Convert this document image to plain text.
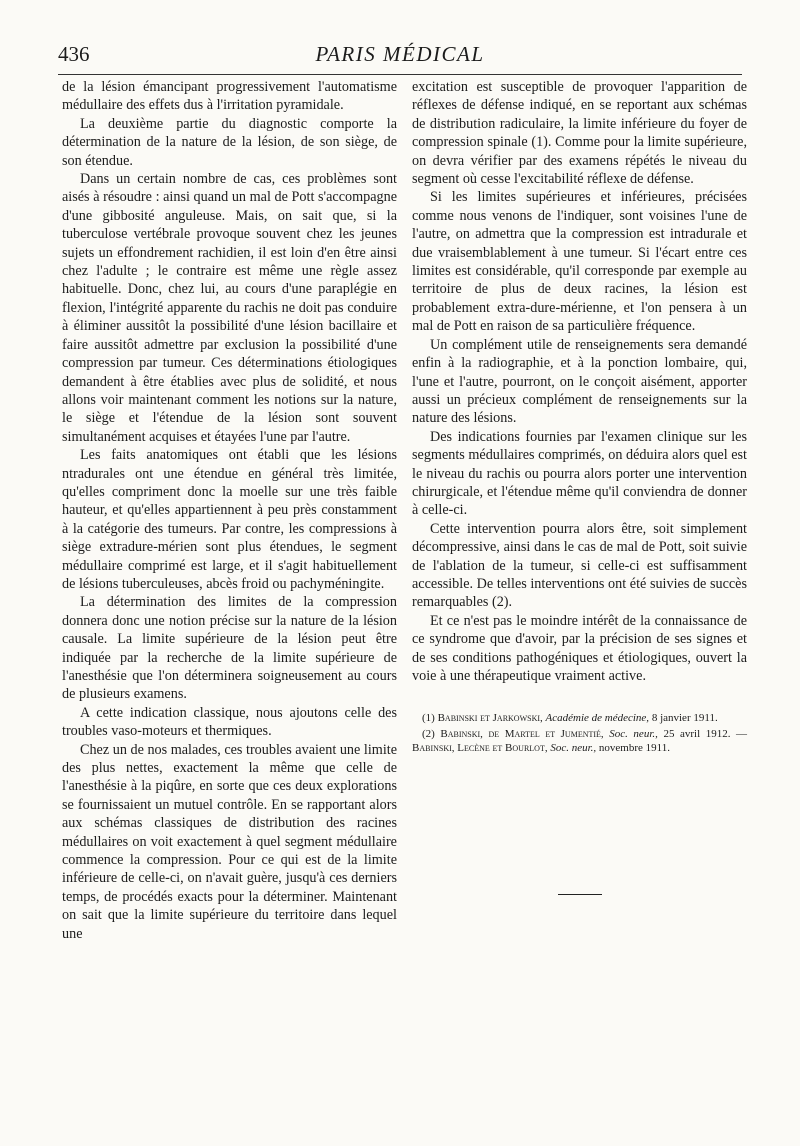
436	PARIS MÉDICAL

de la lésion émancipant progressivement l'automatisme médullaire des effets dus à l'irritation pyramidale.

La deuxième partie du diagnostic comporte la détermination de la nature de la lésion, de son siège, de son étendue.

Dans un certain nombre de cas, ces problèmes sont aisés à résoudre : ainsi quand un mal de Pott s'accompagne d'une gibbosité anguleuse. Mais, on sait que, si la tuberculose vertébrale provoque souvent chez les jeunes sujets un effondrement rachidien, il est loin d'en être ainsi chez l'adulte ; le contraire est même une règle assez habituelle. Donc, chez lui, au cours d'une paraplégie en flexion, l'intégrité apparente du rachis ne doit pas conduire à éliminer aussitôt la possibilité d'une lésion bacillaire et faire aussitôt admettre par exclusion la possibilité d'une compression par tumeur. Ces déterminations étiologiques demandent à être établies avec plus de solidité, et nous allons voir maintenant comment les notions sur la nature, le siège et l'étendue de la lésion sont souvent simultanément acquises et étayées l'une par l'autre.

Les faits anatomiques ont établi que les lésions ntradurales ont une étendue en général très limitée, qu'elles compriment donc la moelle sur une très faible hauteur, et qu'elles appartiennent à peu près constamment à la catégorie des tumeurs. Par contre, les compressions à siège extradure-mérien sont plus étendues, le segment médullaire comprimé est large, et il s'agit habituellement de lésions tuberculeuses, abcès froid ou pachyméningite.

La détermination des limites de la compression donnera donc une notion précise sur la nature de la lésion causale. La limite supérieure de la lésion peut être indiquée par la recherche de la limite supérieure de l'anesthésie que l'on déterminera soigneusement au cours de plusieurs examens.

A cette indication classique, nous ajoutons celle des troubles vaso-moteurs et thermiques.

Chez un de nos malades, ces troubles avaient une limite des plus nettes, exactement la même que celle de l'anesthésie à la piqûre, en sorte que ces deux explorations se fournissaient un mutuel contrôle. En se rapportant alors aux schémas classiques de distribution des racines médullaires on voit exactement à quel segment médullaire commence la compression. Pour ce qui est de la limite inférieure de celle-ci, on n'avait guère, jusqu'à ces derniers temps, de procédés exacts pour la déterminer. Maintenant on sait que la limite supérieure du territoire dans lequel une

excitation est susceptible de provoquer l'apparition de réflexes de défense indiqué, en se reportant aux schémas de distribution radiculaire, la limite inférieure du foyer de compression spinale (1). Comme pour la limite supérieure, on devra vérifier par des examens répétés le niveau du segment où cesse l'excitabilité réflexe de défense.

Si les limites supérieures et inférieures, précisées comme nous venons de l'indiquer, sont voisines l'une de l'autre, on admettra que la compression est intradurale et due vraisemblablement à une tumeur. Si l'écart entre ces limites est considérable, qu'il corresponde par exemple au territoire de plus de deux racines, la lésion est probablement extra-dure-mérienne, et l'on pensera à un mal de Pott en raison de sa particulière fréquence.

Un complément utile de renseignements sera demandé enfin à la radiographie, et à la ponction lombaire, qui, l'une et l'autre, pourront, on le conçoit aisément, apporter aussi un précieux complément de renseignements sur la nature des lésions.

Des indications fournies par l'examen clinique sur les segments médullaires comprimés, on déduira alors quel est le niveau du rachis ou pourra alors porter une intervention chirurgicale, et l'étendue même qu'il conviendra de donner à celle-ci.

Cette intervention pourra alors être, soit simplement décompressive, ainsi dans le cas de mal de Pott, soit suivie de l'ablation de la tumeur, si celle-ci est suffisamment accessible. De telles interventions ont été suivies de succès remarquables (2).

Et ce n'est pas le moindre intérêt de la connaissance de ce syndrome que d'avoir, par la précision de ses signes et de ses conditions pathogéniques et étiologiques, ouvert la voie à une thérapeutique vraiment active.

(1) Babinski et Jarkowski, Académie de médecine, 8 janvier 1911.

(2) Babinski, de Martel et Jumentié, Soc. neur., 25 avril 1912. — Babinski, Lecène et Bourlot, Soc. neur., novembre 1911.
